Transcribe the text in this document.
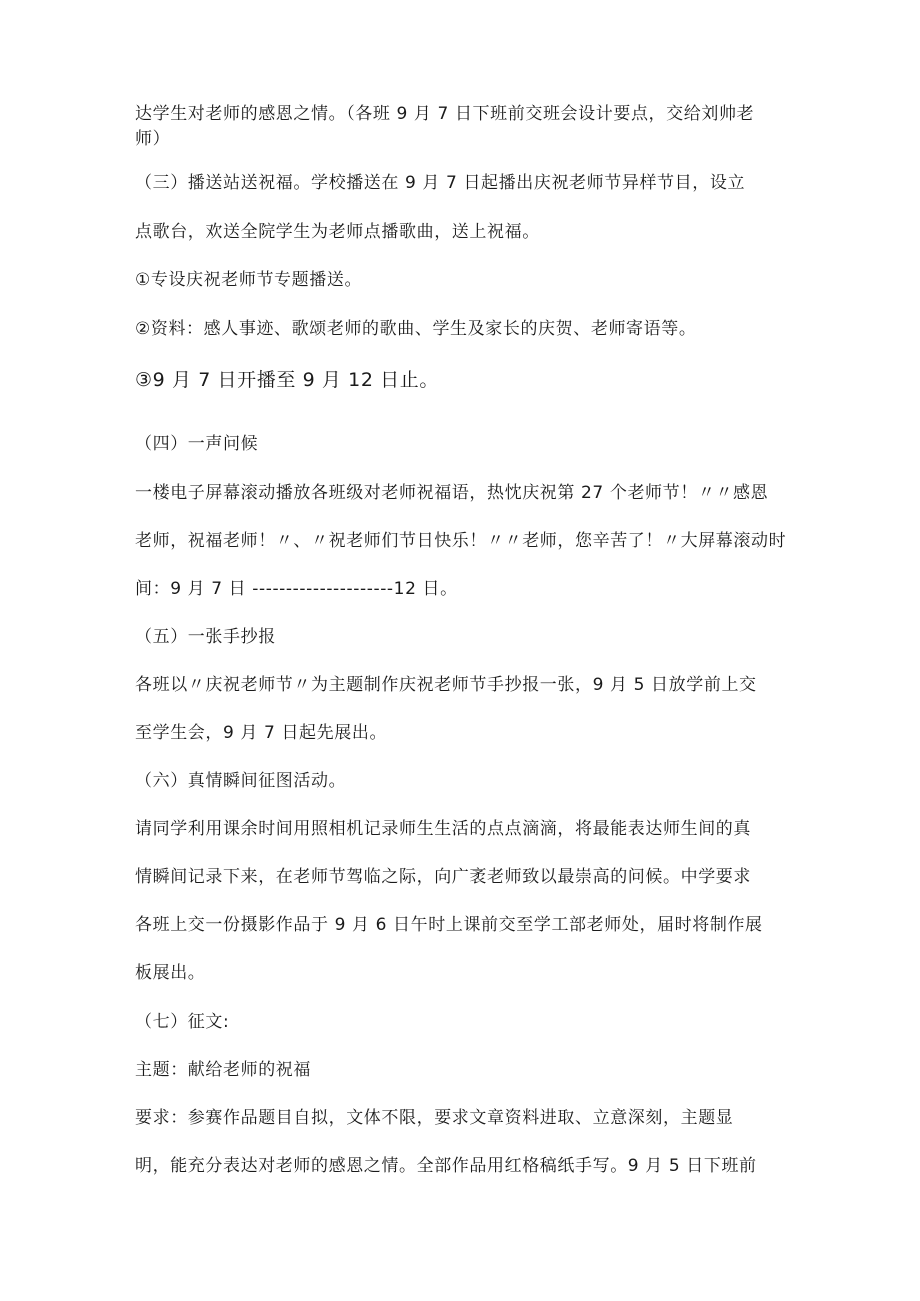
达学生对老师的感恩之情。（各班 9 月 7 日下班前交班会设计要点，交给刘帅老
师）
（三）播送站送祝福。学校播送在 9 月 7 日起播出庆祝老师节异样节目，设立
点歌台，欢送全院学生为老师点播歌曲，送上祝福。
①专设庆祝老师节专题播送。
②资料：感人事迹、歌颂老师的歌曲、学生及家长的庆贺、老师寄语等。
③9 月 7 日开播至 9 月 12 日止。
（四）一声问候
一楼电子屏幕滚动播放各班级对老师祝福语，热忱庆祝第 27 个老师节！〃〃感恩
老师，祝福老师！〃、〃祝老师们节日快乐！〃〃老师，您辛苦了！〃大屏幕滚动时
间：9 月 7 日 ---------------------12 日。
（五）一张手抄报
各班以〃庆祝老师节〃为主题制作庆祝老师节手抄报一张，9 月 5 日放学前上交
至学生会，9 月 7 日起先展出。
（六）真情瞬间征图活动。
请同学利用课余时间用照相机记录师生生活的点点滴滴，将最能表达师生间的真
情瞬间记录下来，在老师节驾临之际，向广袤老师致以最崇高的问候。中学要求
各班上交一份摄影作品于 9 月 6 日午时上课前交至学工部老师处，届时将制作展
板展出。
（七）征文:
主题：献给老师的祝福
要求：参赛作品题目自拟，文体不限，要求文章资料进取、立意深刻，主题显
明，能充分表达对老师的感恩之情。全部作品用红格稿纸手写。9 月 5 日下班前
